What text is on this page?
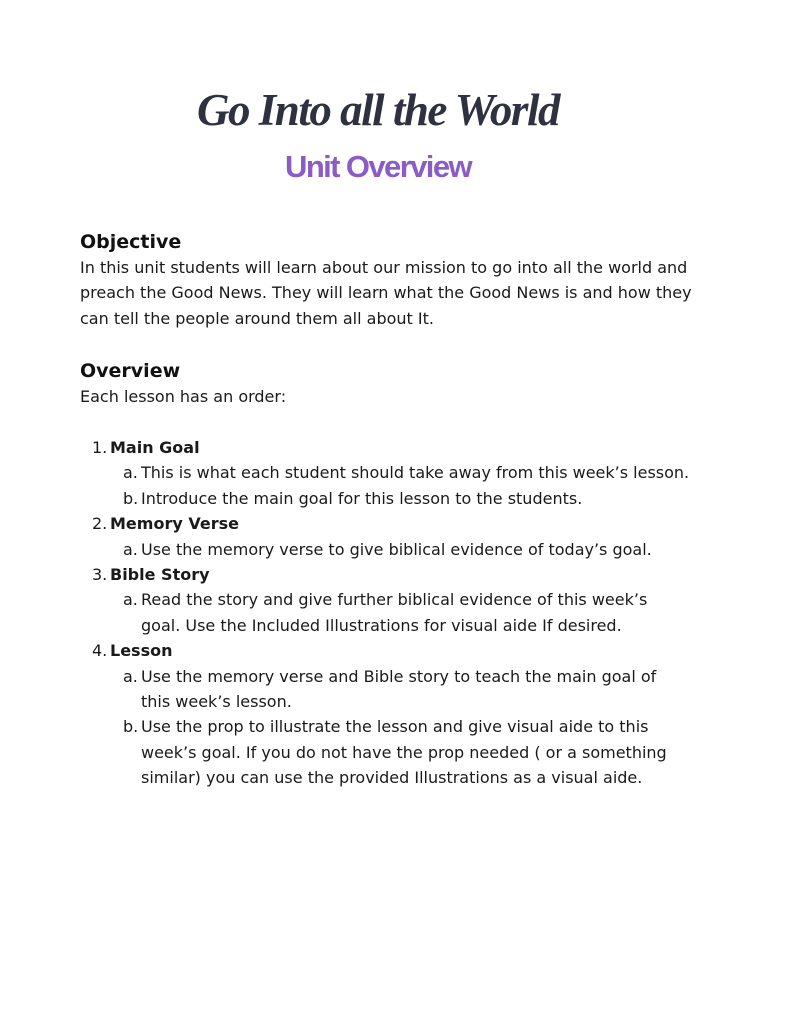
Go Into all the World
Unit Overview
Objective

In this unit students will learn about our mission to go into all the world and preach the Good News. They will learn what the Good News is and how they can tell the people around them all about It.

Overview

Each lesson has an order:

1. Main Goal
a. This is what each student should take away from this week’s lesson.
b. Introduce the main goal for this lesson to the students.
2. Memory Verse
a. Use the memory verse to give biblical evidence of today’s goal.
3. Bible Story
a. Read the story and give further biblical evidence of this week’s goal. Use the Included Illustrations for visual aide If desired.
4. Lesson
a. Use the memory verse and Bible story to teach the main goal of this week’s lesson.
b. Use the prop to illustrate the lesson and give visual aide to this week’s goal. If you do not have the prop needed ( or a something similar) you can use the provided Illustrations as a visual aide.
